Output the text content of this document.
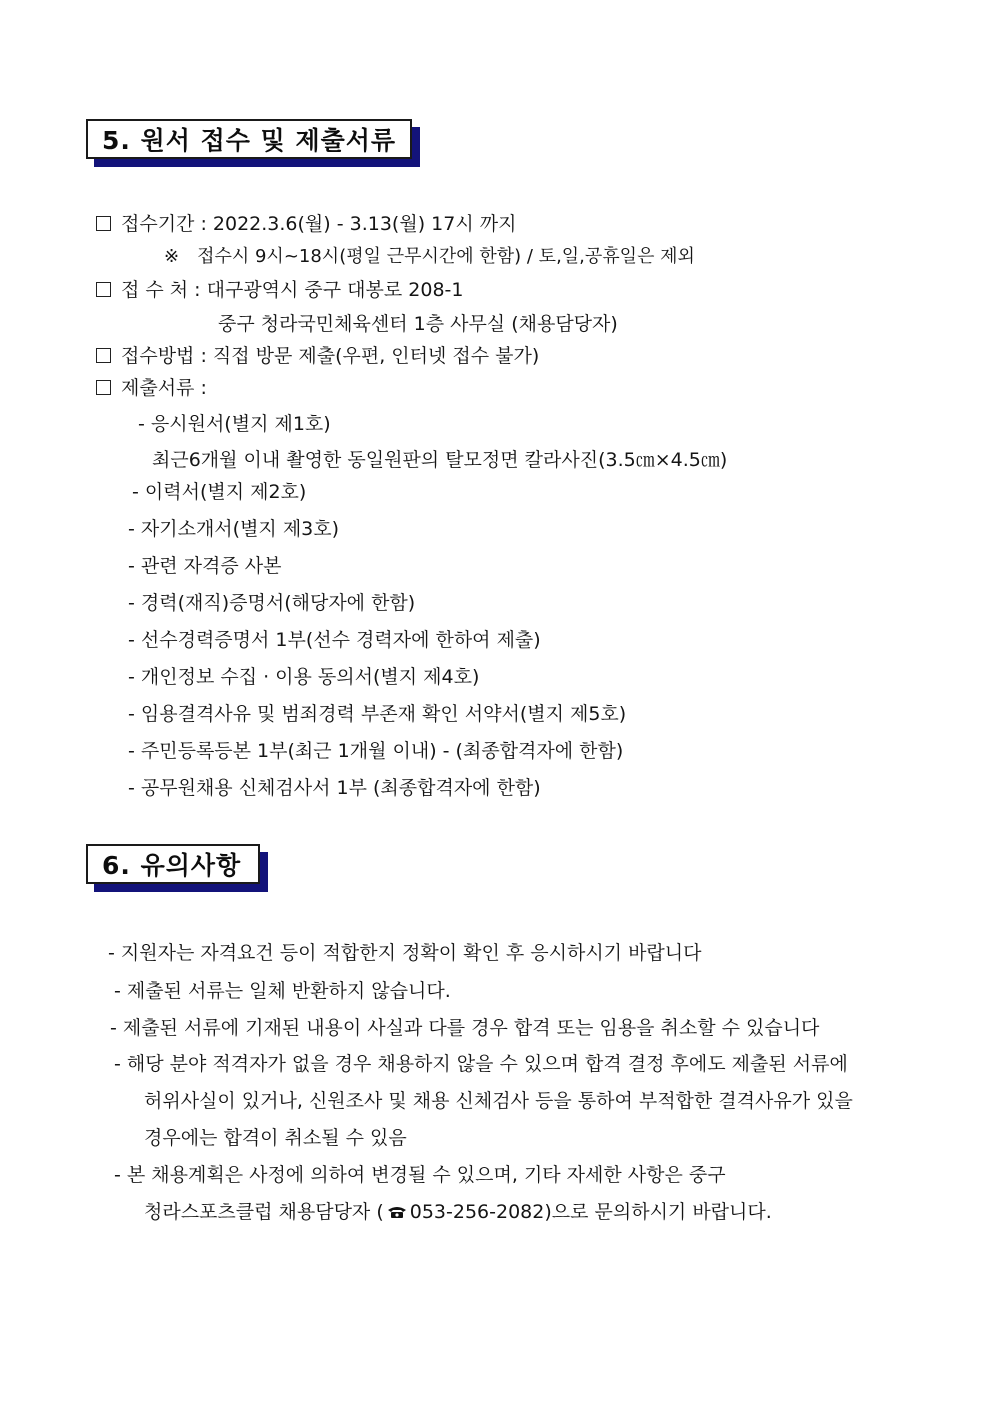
5. 원서 접수 및 제출서류
접수기간 : 2022.3.6(월) - 3.13(월) 17시 까지
※ 접수시 9시~18시(평일 근무시간에 한함) / 토,일,공휴일은 제외
접 수 처 : 대구광역시 중구 대봉로 208-1
중구 청라국민체육센터 1층 사무실 (채용담당자)
접수방법 : 직접 방문 제출(우편, 인터넷 접수 불가)
제출서류 :
- 응시원서(별지 제1호)
최근6개월 이내 촬영한 동일원판의 탈모정면 칼라사진(3.5㎝×4.5㎝)
- 이력서(별지 제2호)
- 자기소개서(별지 제3호)
- 관련 자격증 사본
- 경력(재직)증명서(해당자에 한함)
- 선수경력증명서 1부(선수 경력자에 한하여 제출)
- 개인정보 수집 · 이용 동의서(별지 제4호)
- 임용결격사유 및 범죄경력 부존재 확인 서약서(별지 제5호)
- 주민등록등본 1부(최근 1개월 이내) - (최종합격자에 한함)
- 공무원채용 신체검사서 1부 (최종합격자에 한함)
6. 유의사항
- 지원자는 자격요건 등이 적합한지 정확이 확인 후 응시하시기 바랍니다
- 제출된 서류는 일체 반환하지 않습니다.
- 제출된 서류에 기재된 내용이 사실과 다를 경우 합격 또는 임용을 취소할 수 있습니다
- 해당 분야 적격자가 없을 경우 채용하지 않을 수 있으며 합격 결정 후에도 제출된 서류에
허위사실이 있거나, 신원조사 및 채용 신체검사 등을 통하여 부적합한 결격사유가 있을
경우에는 합격이 취소될 수 있음
- 본 채용계획은 사정에 의하여 변경될 수 있으며, 기타 자세한 사항은 중구
청라스포츠클럽 채용담당자 ( 053-256-2082)으로 문의하시기 바랍니다.
